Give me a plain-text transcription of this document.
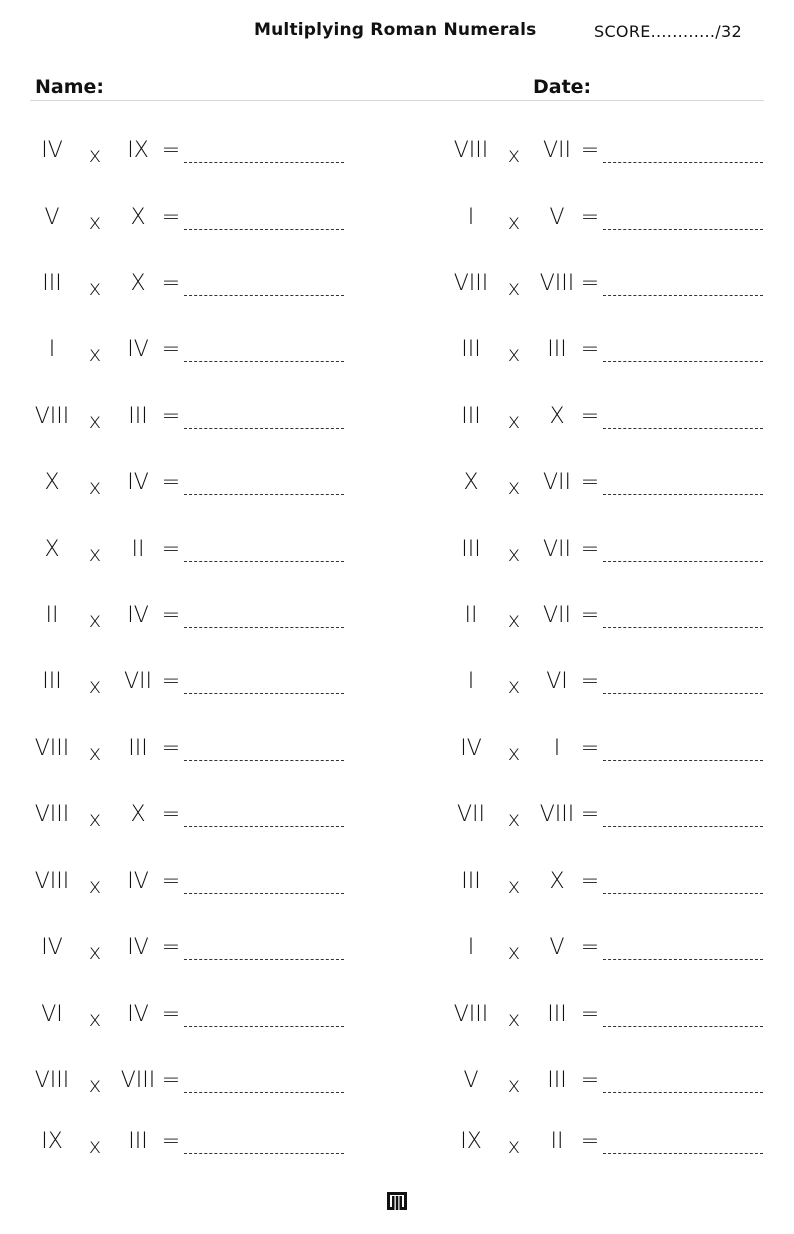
Multiplying Roman Numerals	SCORE............/32
Name:	Date:
IV	x	IX =
V	x	X =
III	x	X =
I	x	IV =
VIII x	III =
X	x	IV =
X	x	II =
II	x	IV =
III	x	VII =
VIII x	III =
VIII x	X =
VIII x	IV =
IV	x	IV =
VI	x	IV =
VIII x VIII =
IX	x	III =
VIII x	VII =
I	x	V =
VIII x VIII =
III	x	III =
III	x	X =
X	x	VII =
III	x	VII =
II	x	VII =
I	x	VI =
IV	x	I =
VII	x VIII =
III	x	X =
I	x	V =
VIII x	III =
V	x	III =
IX	x	II =
